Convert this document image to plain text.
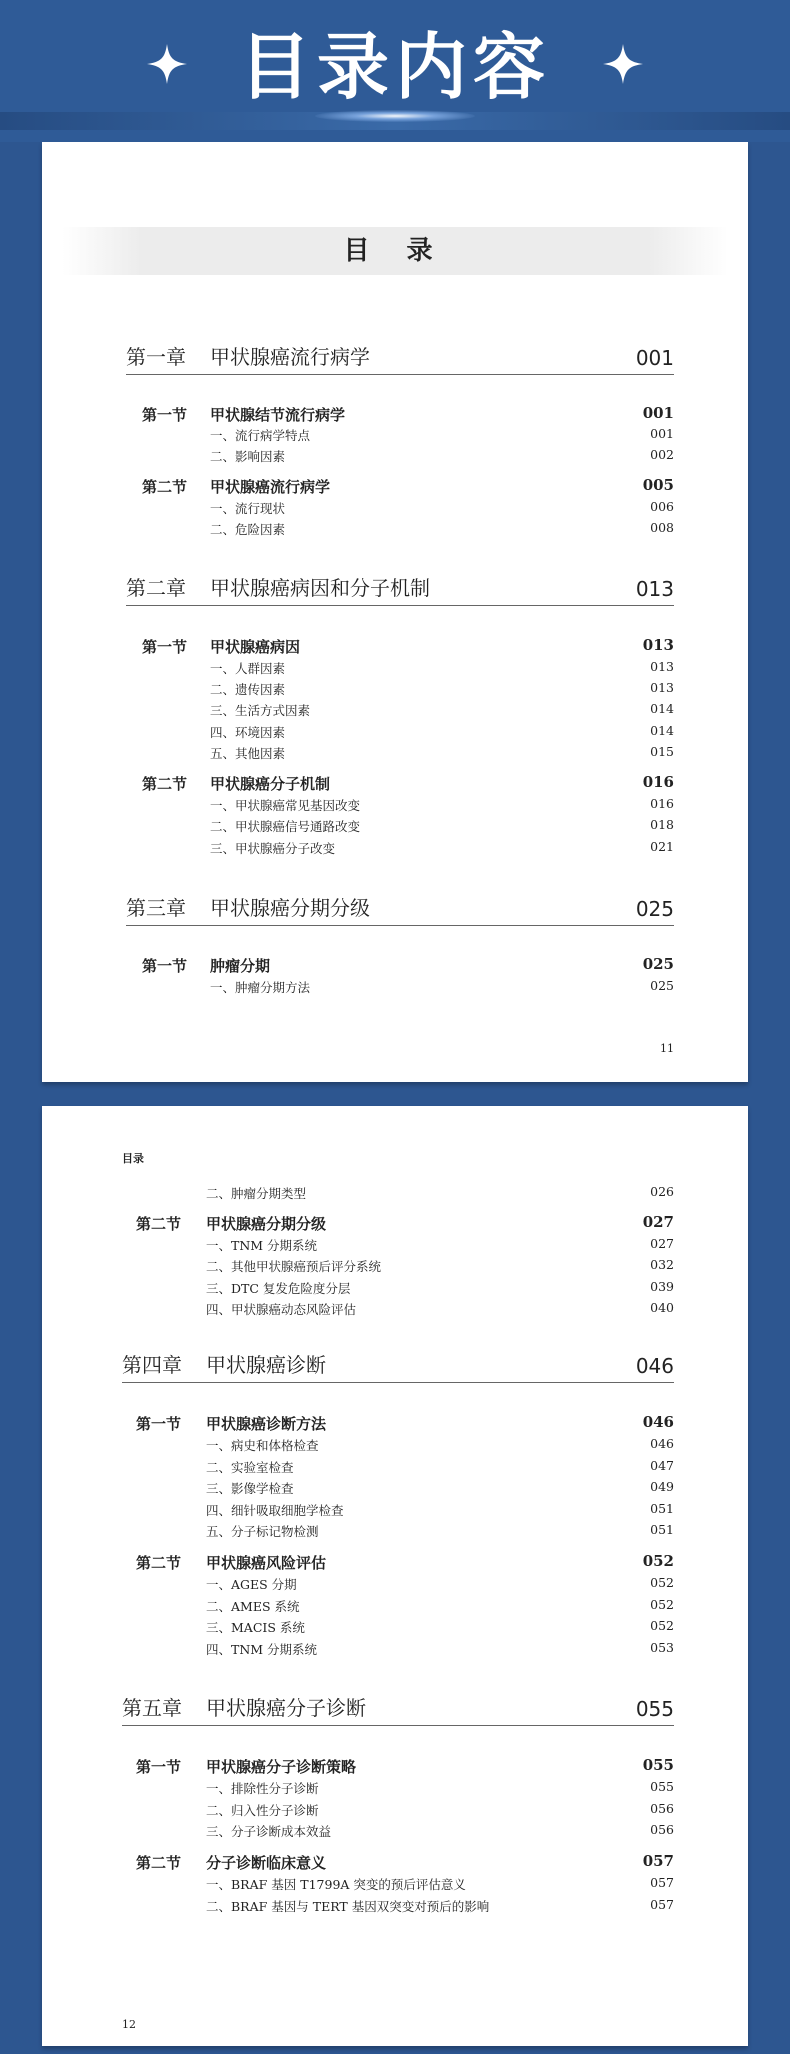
目录内容
目 录
第一章 甲状腺癌流行病学	001
第一节 甲状腺结节流行病学	001
一、流行病学特点	001
二、影响因素	002
第二节 甲状腺癌流行病学	005
一、流行现状	006
二、危险因素	008
第二章 甲状腺癌病因和分子机制	013
第一节 甲状腺癌病因	013
一、人群因素	013
二、遗传因素	013
三、生活方式因素	014
四、环境因素	014
五、其他因素	015
第二节 甲状腺癌分子机制	016
一、甲状腺癌常见基因改变	016
二、甲状腺癌信号通路改变	018
三、甲状腺癌分子改变	021
第三章 甲状腺癌分期分级	025
第一节 肿瘤分期	025
一、肿瘤分期方法	025
11
目录
二、肿瘤分期类型	026
第二节 甲状腺癌分期分级	027
一、TNM 分期系统	027
二、其他甲状腺癌预后评分系统	032
三、DTC 复发危险度分层	039
四、甲状腺癌动态风险评估	040
第四章 甲状腺癌诊断	046
第一节 甲状腺癌诊断方法	046
一、病史和体格检查	046
二、实验室检查	047
三、影像学检查	049
四、细针吸取细胞学检查	051
五、分子标记物检测	051
第二节 甲状腺癌风险评估	052
一、AGES 分期	052
二、AMES 系统	052
三、MACIS 系统	052
四、TNM 分期系统	053
第五章 甲状腺癌分子诊断	055
第一节 甲状腺癌分子诊断策略	055
一、排除性分子诊断	055
二、归入性分子诊断	056
三、分子诊断成本效益	056
第二节 分子诊断临床意义	057
一、BRAF 基因 T1799A 突变的预后评估意义	057
二、BRAF 基因与 TERT 基因双突变对预后的影响	057
12
